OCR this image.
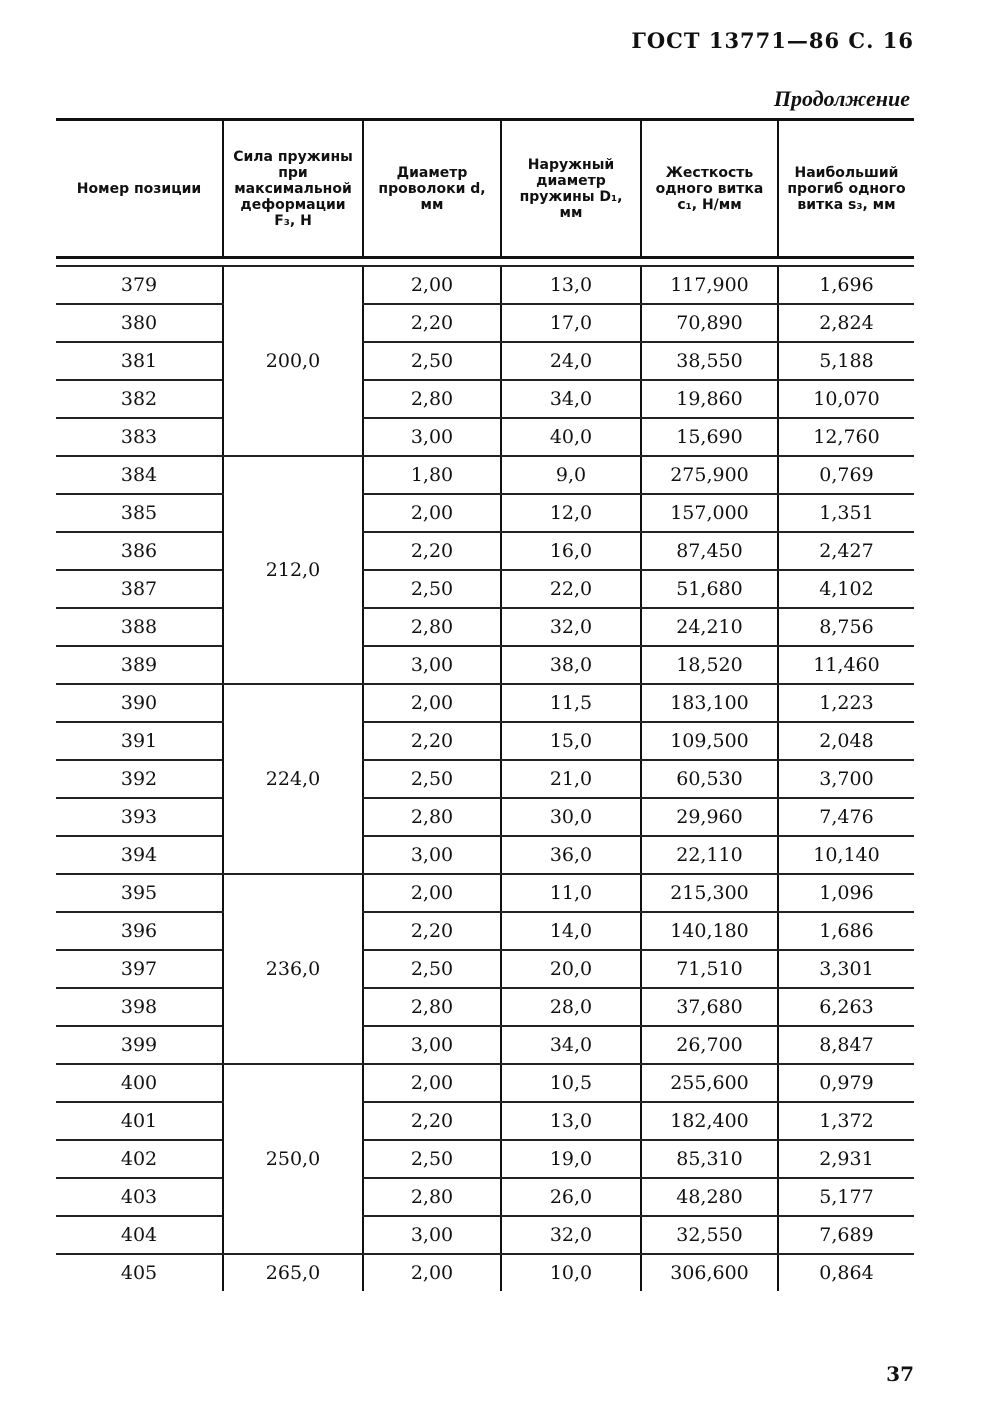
ГОСТ 13771—86 С. 16
Продолжение
Номер позиции	Сила пружины при максимальной деформации F₃, Н	Диаметр проволоки d, мм	Наружный диаметр пружины D₁, мм	Жесткость одного витка c₁, Н/мм	Наибольший прогиб одного витка s₃, мм

379	200,0	2,00	13,0	117,900	1,696
380		2,20	17,0	70,890	2,824
381		2,50	24,0	38,550	5,188
382		2,80	34,0	19,860	10,070
383		3,00	40,0	15,690	12,760
384	212,0	1,80	9,0	275,900	0,769
385		2,00	12,0	157,000	1,351
386		2,20	16,0	87,450	2,427
387		2,50	22,0	51,680	4,102
388		2,80	32,0	24,210	8,756
389		3,00	38,0	18,520	11,460
390	224,0	2,00	11,5	183,100	1,223
391		2,20	15,0	109,500	2,048
392		2,50	21,0	60,530	3,700
393		2,80	30,0	29,960	7,476
394		3,00	36,0	22,110	10,140
395	236,0	2,00	11,0	215,300	1,096
396		2,20	14,0	140,180	1,686
397		2,50	20,0	71,510	3,301
398		2,80	28,0	37,680	6,263
399		3,00	34,0	26,700	8,847
400	250,0	2,00	10,5	255,600	0,979
401		2,20	13,0	182,400	1,372
402		2,50	19,0	85,310	2,931
403		2,80	26,0	48,280	5,177
404		3,00	32,0	32,550	7,689
405	265,0	2,00	10,0	306,600	0,864
37
